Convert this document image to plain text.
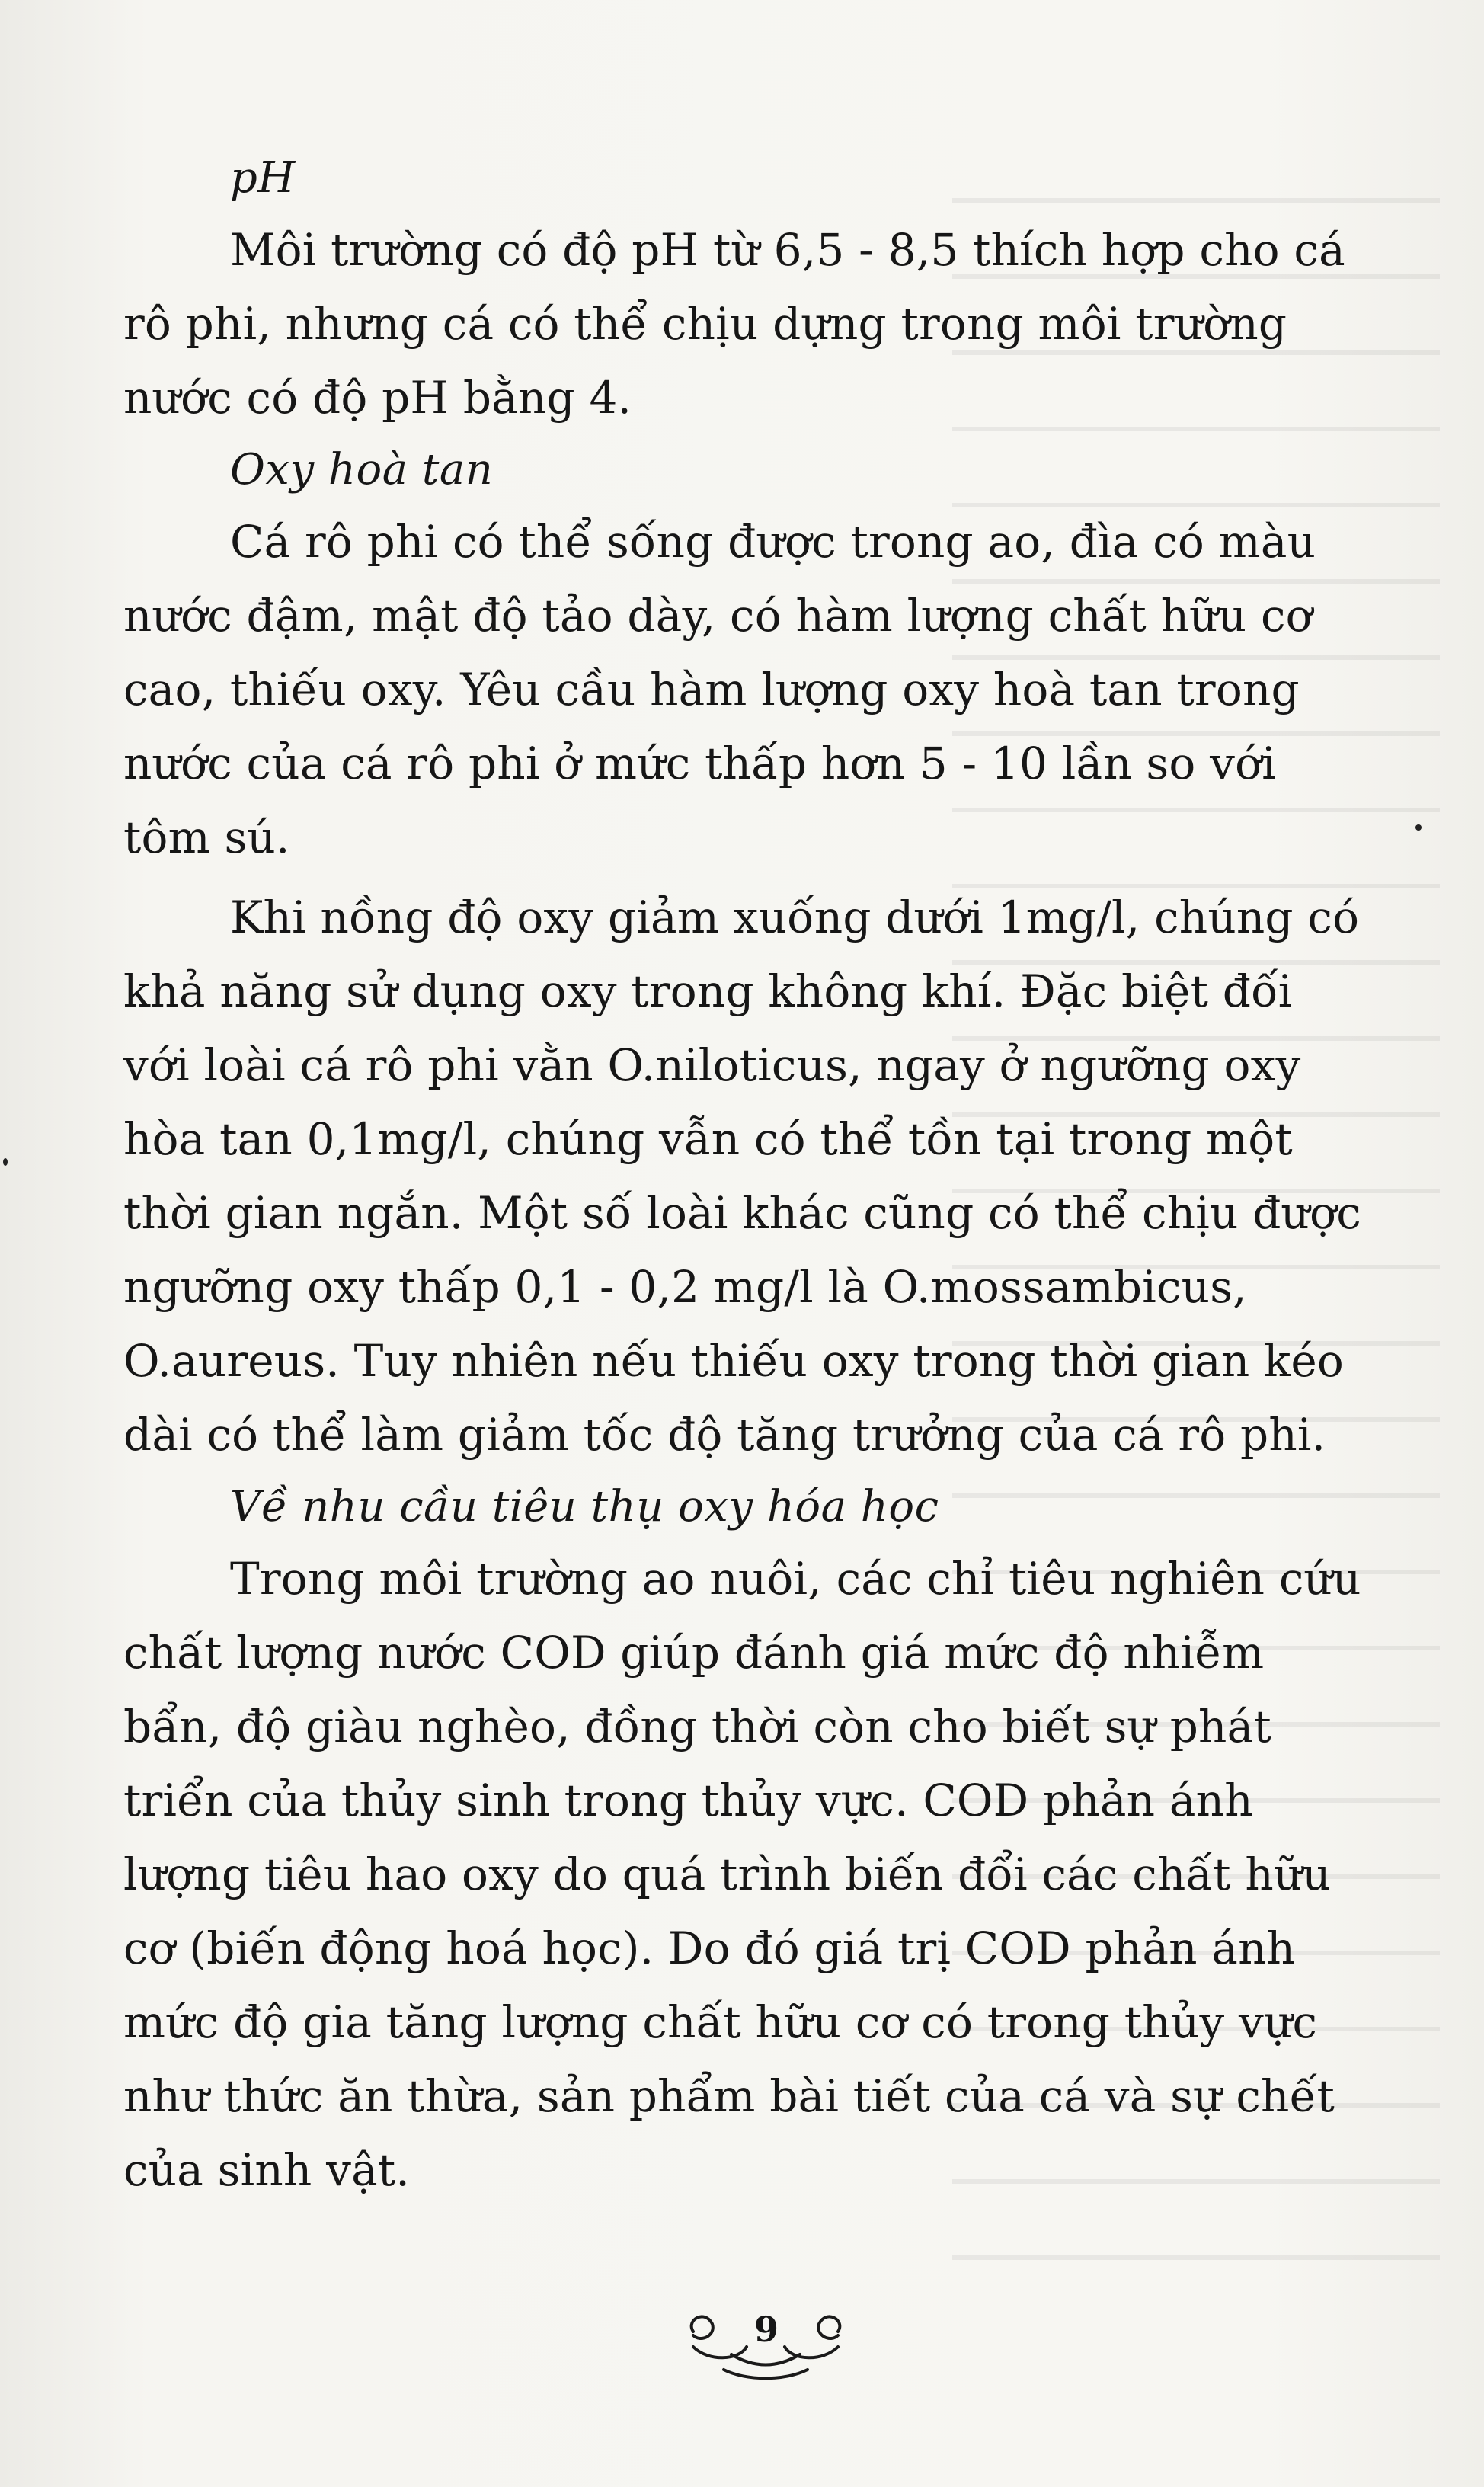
pH

Môi trường có độ pH từ 6,5 - 8,5 thích hợp cho cá
rô phi, nhưng cá có thể chịu dựng trong môi trường
nước có độ pH bằng 4.

Oxy hoà tan

Cá rô phi có thể sống được trong ao, đìa có màu
nước đậm, mật độ tảo dày, có hàm lượng chất hữu cơ
cao, thiếu oxy. Yêu cầu hàm lượng oxy hoà tan trong
nước của cá rô phi ở mức thấp hơn 5 - 10 lần so với
tôm sú.

Khi nồng độ oxy giảm xuống dưới 1mg/l, chúng có
khả năng sử dụng oxy trong không khí. Đặc biệt đối
với loài cá rô phi vằn O.niloticus, ngay ở ngưỡng oxy
hòa tan 0,1mg/l, chúng vẫn có thể tồn tại trong một
thời gian ngắn. Một số loài khác cũng có thể chịu được
ngưỡng oxy thấp 0,1 - 0,2 mg/l là O.mossambicus,
O.aureus. Tuy nhiên nếu thiếu oxy trong thời gian kéo
dài có thể làm giảm tốc độ tăng trưởng của cá rô phi.

Về nhu cầu tiêu thụ oxy hóa học

Trong môi trường ao nuôi, các chỉ tiêu nghiên cứu
chất lượng nước COD giúp đánh giá mức độ nhiễm
bẩn, độ giàu nghèo, đồng thời còn cho biết sự phát
triển của thủy sinh trong thủy vực. COD phản ánh
lượng tiêu hao oxy do quá trình biến đổi các chất hữu
cơ (biến động hoá học). Do đó giá trị COD phản ánh
mức độ gia tăng lượng chất hữu cơ có trong thủy vực
như thức ăn thừa, sản phẩm bài tiết của cá và sự chết
của sinh vật.

9
